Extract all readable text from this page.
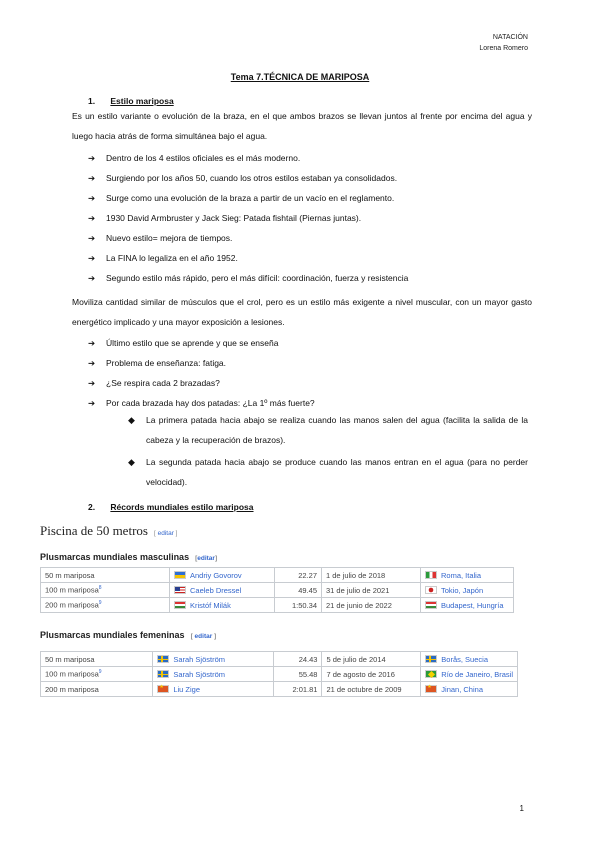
NATACIÓN
Lorena Romero
Tema 7.TÉCNICA DE MARIPOSA
1. Estilo mariposa
Es un estilo variante o evolución de la braza, en el que ambos brazos se llevan juntos al frente por encima del agua y luego hacia atrás de forma simultánea bajo el agua.
➔ Dentro de los 4 estilos oficiales es el más moderno.
➔ Surgiendo por los años 50, cuando los otros estilos estaban ya consolidados.
➔ Surge como una evolución de la braza a partir de un vacío en el reglamento.
➔ 1930 David Armbruster y Jack Sieg: Patada fishtail (Piernas juntas).
➔ Nuevo estilo= mejora de tiempos.
➔ La FINA lo legaliza en el año 1952.
➔ Segundo estilo más rápido, pero el más difícil: coordinación, fuerza y resistencia
Moviliza cantidad similar de músculos que el crol, pero es un estilo más exigente a nivel muscular, con un mayor gasto energético implicado y una mayor exposición a lesiones.
➔ Último estilo que se aprende y que se enseña
➔ Problema de enseñanza: fatiga.
➔ ¿Se respira cada 2 brazadas?
➔ Por cada brazada hay dos patadas: ¿La 1º más fuerte?
◆ La primera patada hacia abajo se realiza cuando las manos salen del agua (facilita la salida de la cabeza y la recuperación de brazos).
◆ La segunda patada hacia abajo se produce cuando las manos entran en el agua (para no perder velocidad).
2. Récords mundiales estilo mariposa
Piscina de 50 metros [ editar ]
Plusmarcas mundiales masculinas [editar]
50 m mariposa	Andriy Govorov	22.27	1 de julio de 2018	Roma, Italia
100 m mariposa$^8$	Caeleb Dressel	49.45	31 de julio de 2021	Tokio, Japón
200 m mariposa$^9$	Kristóf Milák	1:50.34	21 de junio de 2022	Budapest, Hungría
Plusmarcas mundiales femeninas [ editar ]
50 m mariposa	Sarah Sjöström	24.43	5 de julio de 2014	Borås, Suecia
100 m mariposa$^9$	Sarah Sjöström	55.48	7 de agosto de 2016	Río de Janeiro, Brasil
200 m mariposa	★Liu Zige	2:01.81	21 de octubre de 2009	★Jinan, China
1
